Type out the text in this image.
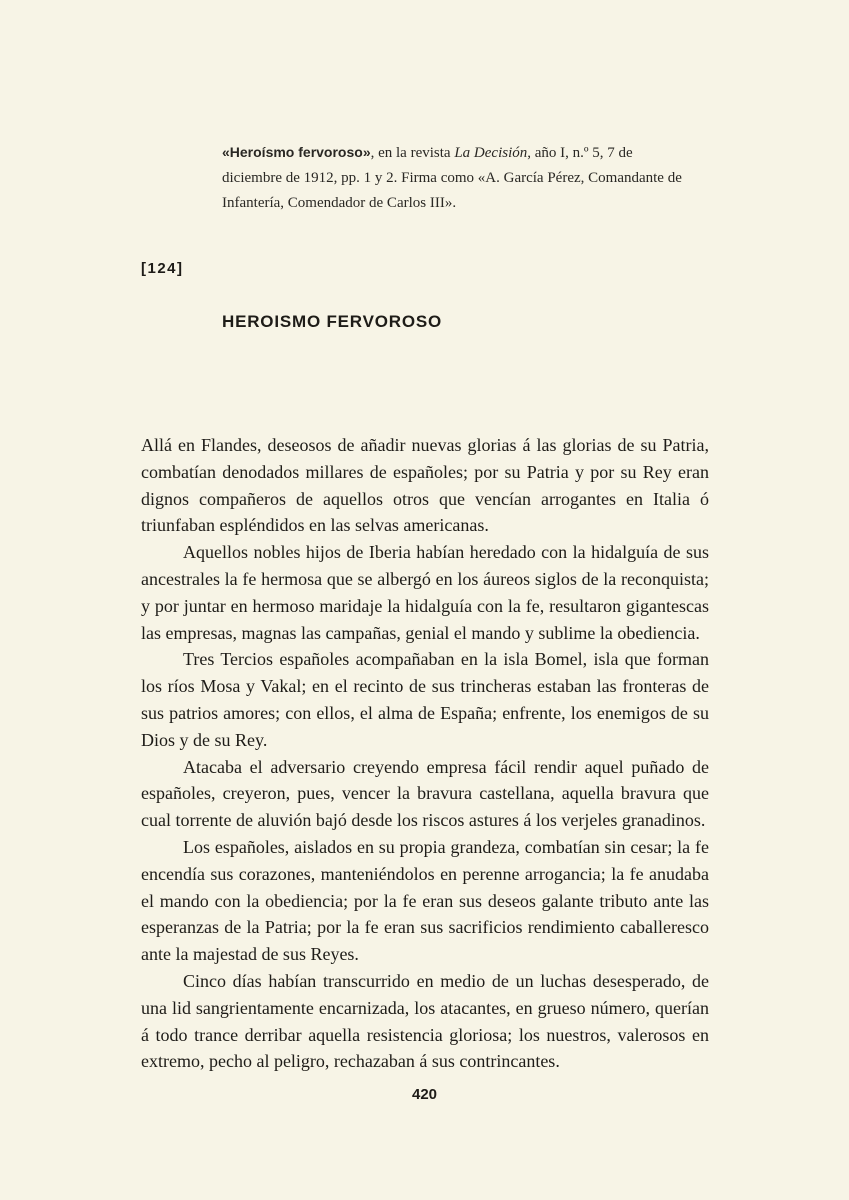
«Heroísmo fervoroso», en la revista La Decisión, año I, n.º 5, 7 de diciembre de 1912, pp. 1 y 2. Firma como «A. García Pérez, Comandante de Infantería, Comendador de Carlos III».
[124]
HEROISMO FERVOROSO

Allá en Flandes, deseosos de añadir nuevas glorias á las glorias de su Patria, combatían denodados millares de españoles; por su Patria y por su Rey eran dignos compañeros de aquellos otros que vencían arrogantes en Italia ó triunfaban espléndidos en las selvas americanas.

Aquellos nobles hijos de Iberia habían heredado con la hidalguía de sus ancestrales la fe hermosa que se albergó en los áureos siglos de la reconquista; y por juntar en hermoso maridaje la hidalguía con la fe, resultaron gigantescas las empresas, magnas las campañas, genial el mando y sublime la obediencia.

Tres Tercios españoles acompañaban en la isla Bomel, isla que forman los ríos Mosa y Vakal; en el recinto de sus trincheras estaban las fronteras de sus patrios amores; con ellos, el alma de España; enfrente, los enemigos de su Dios y de su Rey.

Atacaba el adversario creyendo empresa fácil rendir aquel puñado de españoles, creyeron, pues, vencer la bravura castellana, aquella bravura que cual torrente de aluvión bajó desde los riscos astures á los verjeles granadinos.

Los españoles, aislados en su propia grandeza, combatían sin cesar; la fe encendía sus corazones, manteniéndolos en perenne arrogancia; la fe anudaba el mando con la obediencia; por la fe eran sus deseos galante tributo ante las esperanzas de la Patria; por la fe eran sus sacrificios rendimiento caballeresco ante la majestad de sus Reyes.

Cinco días habían transcurrido en medio de un luchas desesperado, de una lid sangrientamente encarnizada, los atacantes, en grueso número, querían á todo trance derribar aquella resistencia gloriosa; los nuestros, valerosos en extremo, pecho al peligro, rechazaban á sus contrincantes.

420
